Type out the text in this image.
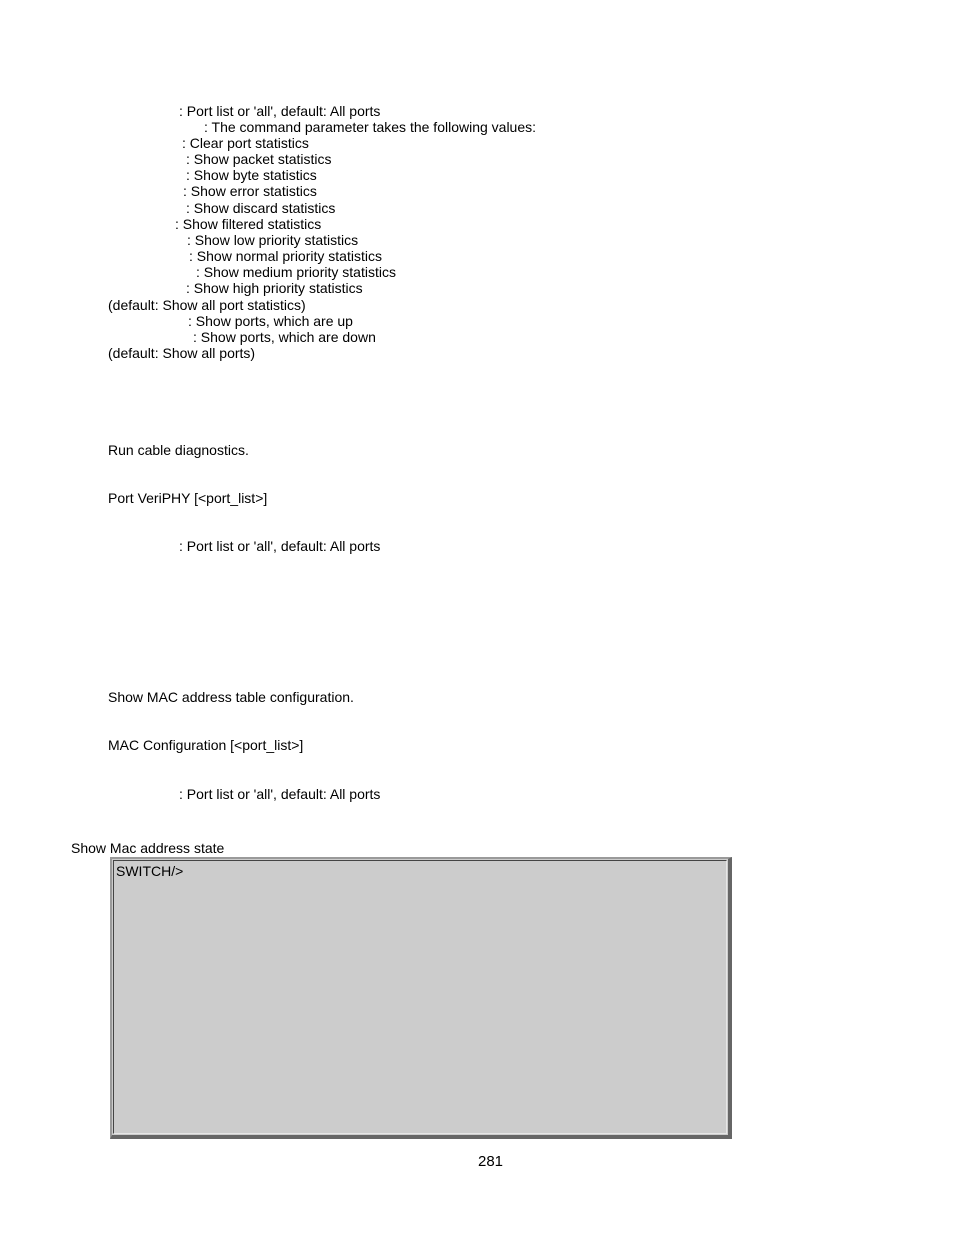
: Port list or 'all', default: All ports
: The command parameter takes the following values:
: Clear port statistics
: Show packet statistics
: Show byte statistics
: Show error statistics
: Show discard statistics
: Show filtered statistics
: Show low priority statistics
: Show normal priority statistics
: Show medium priority statistics
: Show high priority statistics
(default: Show all port statistics)
: Show ports, which are up
: Show ports, which are down
(default: Show all ports)
Run cable diagnostics.
Port VeriPHY [<port_list>]
: Port list or 'all', default: All ports
Show MAC address table configuration.
MAC Configuration [<port_list>]
: Port list or 'all', default: All ports
Show Mac address state
SWITCH/>
281
